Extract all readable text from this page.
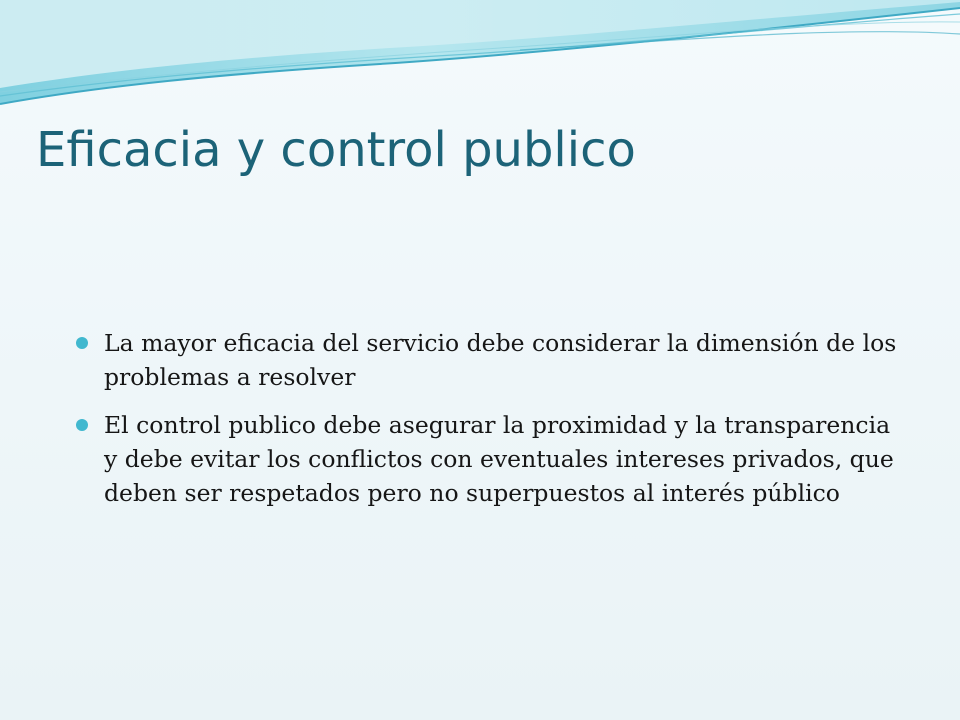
Eficacia y control publico
La mayor eficacia del servicio debe considerar la dimensión de los problemas a resolver
El control publico debe asegurar la proximidad y la transparencia y debe evitar los conflictos con eventuales intereses privados, que deben ser respetados pero no superpuestos al interés público
